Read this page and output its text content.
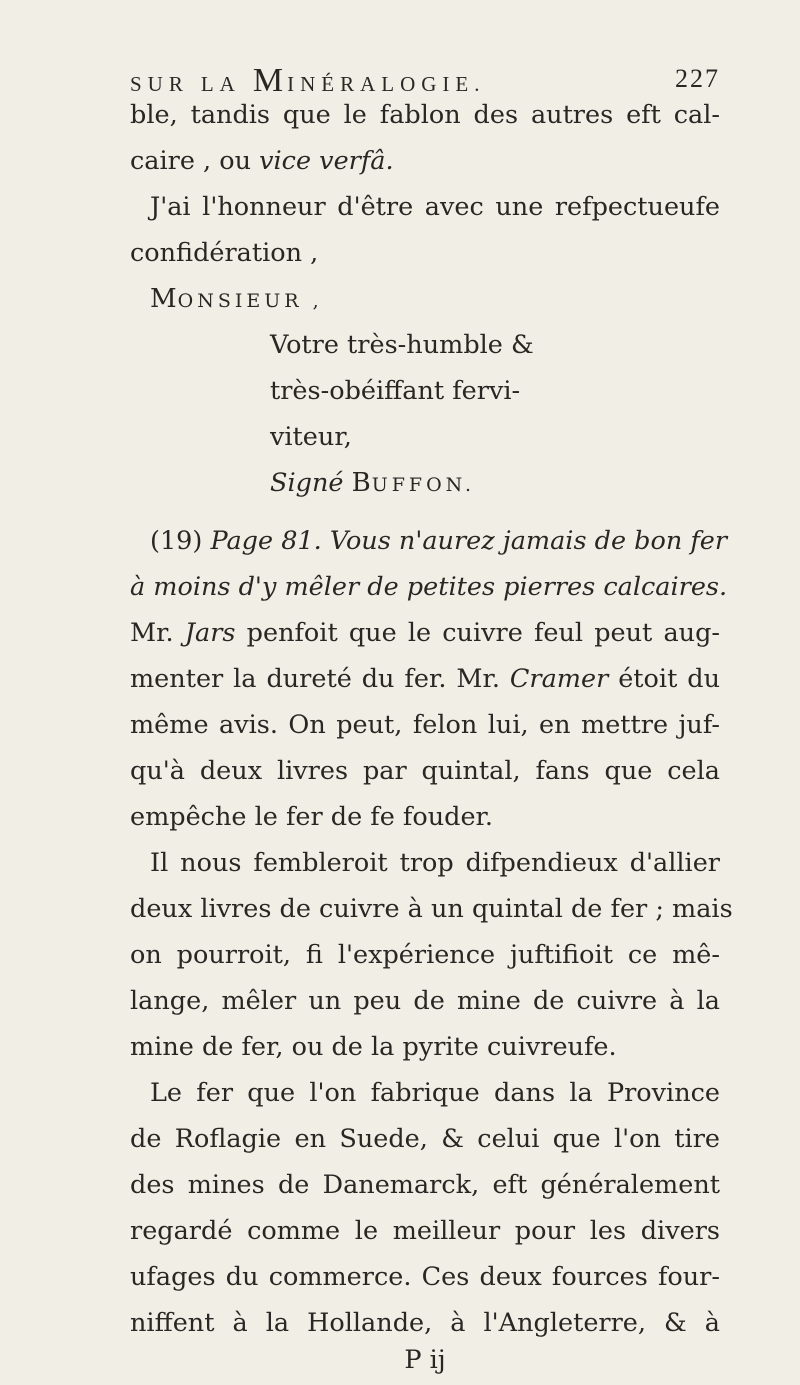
SUR LA MINÉRALOGIE.	227
ble, tandis que le fablon des autres eft cal-
caire , ou vice verfâ.
J'ai l'honneur d'être avec une refpectueufe
confidération ,
MONSIEUR ,
Votre très-humble &
très-obéiffant fervi-
viteur,
Signé BUFFON.
(19) Page 81. Vous n'aurez jamais de bon fer
à moins d'y mêler de petites pierres calcaires.
Mr. Jars penfoit que le cuivre feul peut aug-
menter la dureté du fer. Mr. Cramer étoit du
même avis. On peut, felon lui, en mettre juf-
qu'à deux livres par quintal, fans que cela
empêche le fer de fe fouder.
Il nous fembleroit trop difpendieux d'allier
deux livres de cuivre à un quintal de fer ; mais
on pourroit, fi l'expérience juftifioit ce mê-
lange, mêler un peu de mine de cuivre à la
mine de fer, ou de la pyrite cuivreufe.
Le fer que l'on fabrique dans la Province
de Roflagie en Suede, & celui que l'on tire
des mines de Danemarck, eft généralement
regardé comme le meilleur pour les divers
ufages du commerce. Ces deux fources four-
niffent à la Hollande, à l'Angleterre, & à
P ij
